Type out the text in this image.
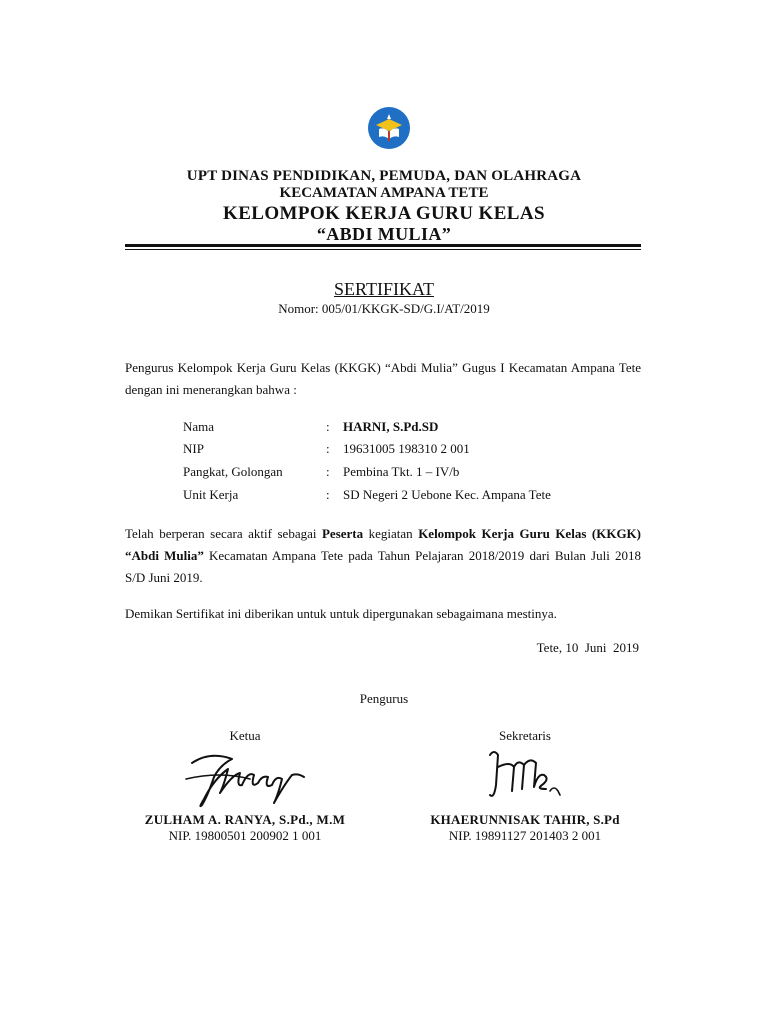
UPT DINAS PENDIDIKAN, PEMUDA, DAN OLAHRAGA
KECAMATAN AMPANA TETE
KELOMPOK KERJA GURU KELAS
“ABDI MULIA”
SERTIFIKAT
Nomor: 005/01/KKGK-SD/G.I/AT/2019
Pengurus Kelompok Kerja Guru Kelas (KKGK) “Abdi Mulia” Gugus I Kecamatan Ampana Tete dengan ini menerangkan bahwa :
Nama	: HARNI, S.Pd.SD
NIP	: 19631005 198310 2 001
Pangkat, Golongan	: Pembina Tkt. 1 – IV/b
Unit Kerja	: SD Negeri 2 Uebone Kec. Ampana Tete
Telah berperan secara aktif sebagai Peserta kegiatan Kelompok Kerja Guru Kelas (KKGK) “Abdi Mulia” Kecamatan Ampana Tete pada Tahun Pelajaran 2018/2019 dari Bulan Juli 2018 S/D Juni 2019.
Demikan Sertifikat ini diberikan untuk untuk dipergunakan sebagaimana mestinya.
Tete, 10  Juni  2019
Pengurus
Ketua	Sekretaris
ZULHAM A. RANYA, S.Pd., M.M
NIP. 19800501 200902 1 001
KHAERUNNISAK TAHIR, S.Pd
NIP. 19891127 201403 2 001
